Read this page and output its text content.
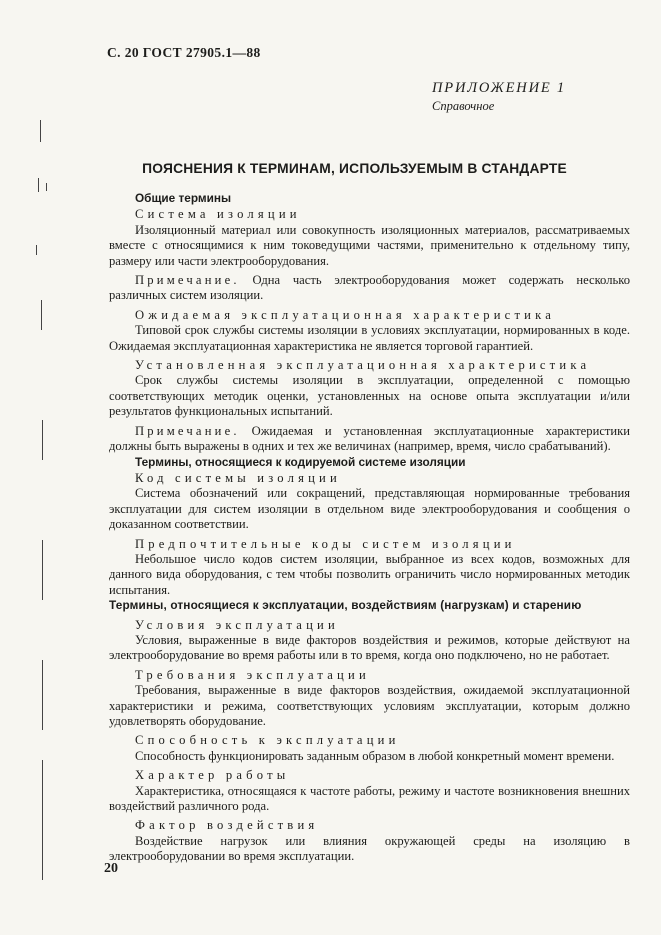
С. 20 ГОСТ 27905.1—88
ПРИЛОЖЕНИЕ 1
Справочное
ПОЯСНЕНИЯ К ТЕРМИНАМ, ИСПОЛЬЗУЕМЫМ В СТАНДАРТЕ
Общие термины
Система изоляции
Изоляционный материал или совокупность изоляционных материалов, рассматриваемых вместе с относящимися к ним токоведущими частями, применительно к отдельному типу, размеру или части электрооборудования.
Примечание. Одна часть электрооборудования может содержать несколько различных систем изоляции.
Ожидаемая эксплуатационная характеристика
Типовой срок службы системы изоляции в условиях эксплуатации, нормированных в коде. Ожидаемая эксплуатационная характеристика не является торговой гарантией.
Установленная эксплуатационная характеристика
Срок службы системы изоляции в эксплуатации, определенной с помощью соответствующих методик оценки, установленных на основе опыта эксплуатации и/или результатов функциональных испытаний.
Примечание. Ожидаемая и установленная эксплуатационные характеристики должны быть выражены в одних и тех же величинах (например, время, число срабатываний).
Термины, относящиеся к кодируемой системе изоляции
Код системы изоляции
Система обозначений или сокращений, представляющая нормированные требования эксплуатации для систем изоляции в отдельном виде электрооборудования и сообщения о доказанном соответствии.
Предпочтительные коды систем изоляции
Небольшое число кодов систем изоляции, выбранное из всех кодов, возможных для данного вида оборудования, с тем чтобы позволить ограничить число нормированных методик испытания.
Термины, относящиеся к эксплуатации, воздействиям (нагрузкам) и старению
Условия эксплуатации
Условия, выраженные в виде факторов воздействия и режимов, которые действуют на электрооборудование во время работы или в то время, когда оно подключено, но не работает.
Требования эксплуатации
Требования, выраженные в виде факторов воздействия, ожидаемой эксплуатационной характеристики и режима, соответствующих условиям эксплуатации, которым должно удовлетворять оборудование.
Способность к эксплуатации
Способность функционировать заданным образом в любой конкретный момент времени.
Характер работы
Характеристика, относящаяся к частоте работы, режиму и частоте возникновения внешних воздействий различного рода.
Фактор воздействия
Воздействие нагрузок или влияния окружающей среды на изоляцию в электрооборудовании во время эксплуатации.
20
